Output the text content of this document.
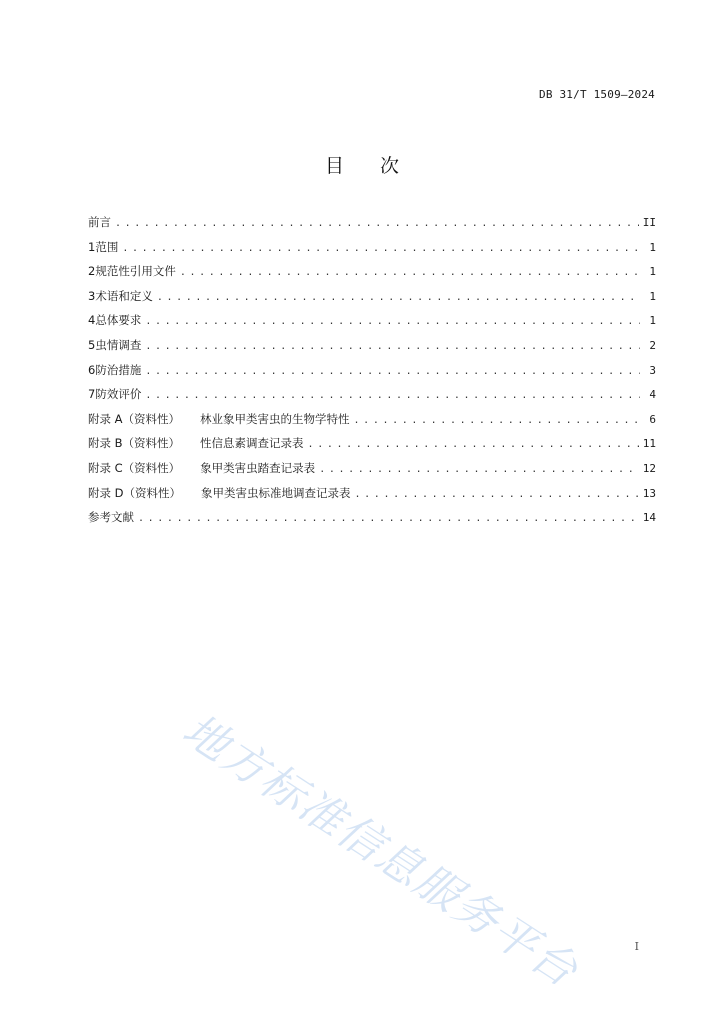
DB 31/T 1509—2024
目 次
前言 . . .	II
1 范围 . . .	1
2 规范性引用文件 . . .	1
3 术语和定义 . . .	1
4 总体要求 . . .	1
5 虫情调查 . . .	2
6 防治措施 . . .	3
7 防效评价 . . .	4
附录 A（资料性） 林业象甲类害虫的生物学特性 . . .	6
附录 B（资料性） 性信息素调查记录表 . . .	11
附录 C（资料性） 象甲类害虫踏查记录表 . . .	12
附录 D（资料性） 象甲类害虫标准地调查记录表 . . .	13
参考文献 . . .	14
地方标准信息服务平台	I
